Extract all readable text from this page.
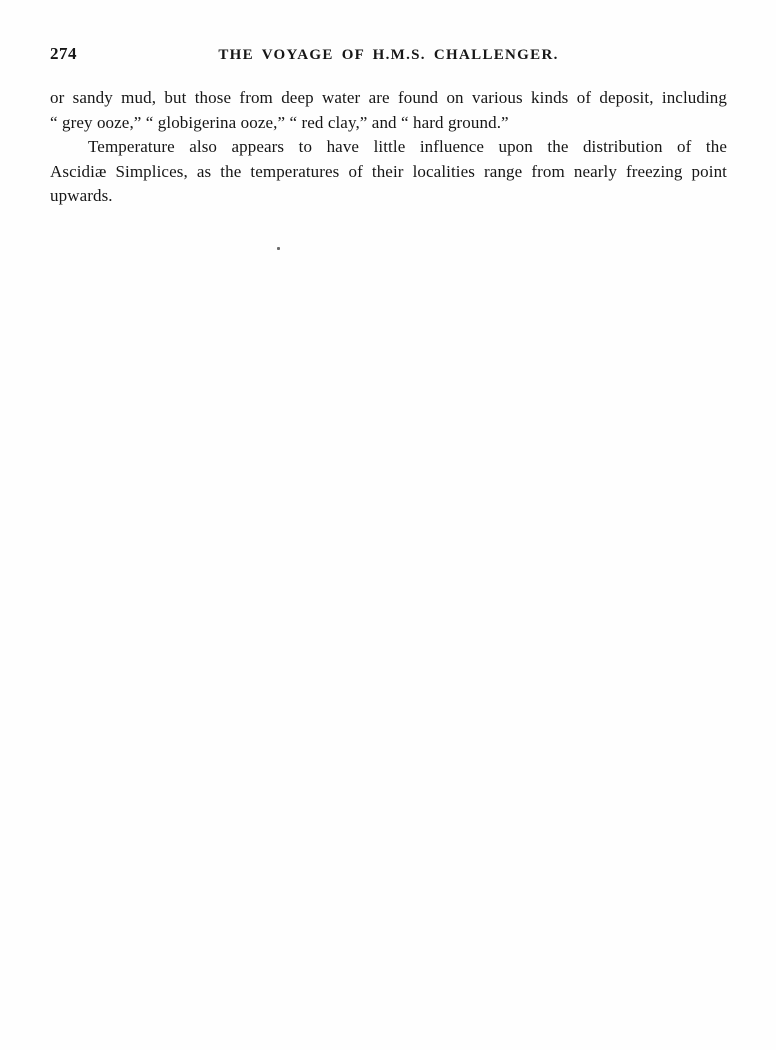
274	THE VOYAGE OF H.M.S. CHALLENGER.
or sandy mud, but those from deep water are found on various kinds of deposit, including
“ grey ooze,” “ globigerina ooze,” “ red clay,” and “ hard ground.”
Temperature also appears to have little influence upon the distribution of the
Ascidiæ Simplices, as the temperatures of their localities range from nearly freezing point
upwards.
